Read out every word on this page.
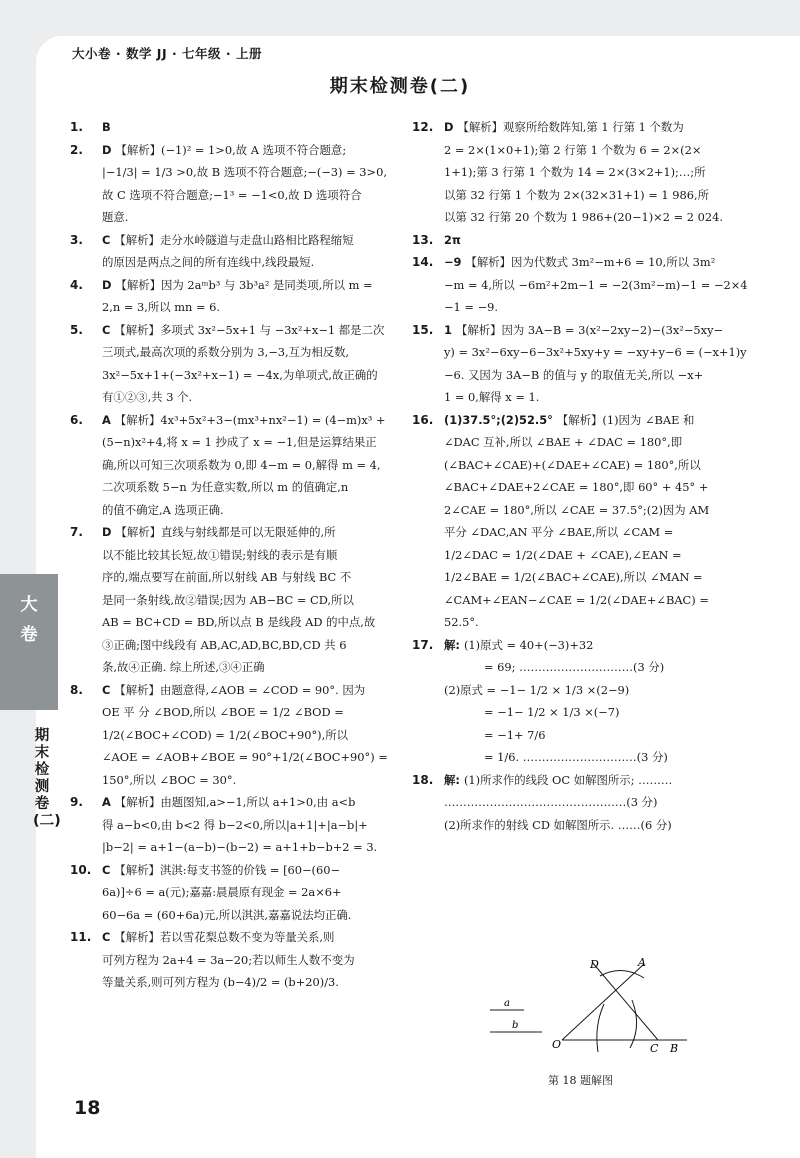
大小卷 · 数学 JJ · 七年级 · 上册
期末检测卷(二)
大
卷
期末检测卷(二)
1. B
2. D 【解析】(−1)² = 1>0,故 A 选项不符合题意;
|−1/3| = 1/3 >0,故 B 选项不符合题意;−(−3) = 3>0,
故 C 选项不符合题意;−1³ = −1<0,故 D 选项符合
题意.
3. C 【解析】走分水岭隧道与走盘山路相比路程缩短
的原因是两点之间的所有连线中,线段最短.
4. D 【解析】因为 2aᵐb³ 与 3b³a² 是同类项,所以 m =
2,n = 3,所以 mn = 6.
5. C 【解析】多项式 3x²−5x+1 与 −3x²+x−1 都是二次
三项式,最高次项的系数分别为 3,−3,互为相反数,
3x²−5x+1+(−3x²+x−1) = −4x,为单项式,故正确的
有①②③,共 3 个.
6. A 【解析】4x³+5x²+3−(mx³+nx²−1) = (4−m)x³ +
(5−n)x²+4,将 x = 1 抄成了 x = −1,但是运算结果正
确,所以可知三次项系数为 0,即 4−m = 0,解得 m = 4,
二次项系数 5−n 为任意实数,所以 m 的值确定,n
的值不确定,A 选项正确.
7. D 【解析】直线与射线都是可以无限延伸的,所
以不能比较其长短,故①错误;射线的表示是有顺
序的,端点要写在前面,所以射线 AB 与射线 BC 不
是同一条射线,故②错误;因为 AB−BC = CD,所以
AB = BC+CD = BD,所以点 B 是线段 AD 的中点,故
③正确;图中线段有 AB,AC,AD,BC,BD,CD 共 6
条,故④正确. 综上所述,③④正确
8. C 【解析】由题意得,∠AOB = ∠COD = 90°. 因为
OE 平 分 ∠BOD,所以 ∠BOE = 1/2 ∠BOD =
1/2(∠BOC+∠COD) = 1/2(∠BOC+90°),所以
∠AOE = ∠AOB+∠BOE = 90°+1/2(∠BOC+90°) =
150°,所以 ∠BOC = 30°.
9. A 【解析】由题图知,a>−1,所以 a+1>0,由 a<b
得 a−b<0,由 b<2 得 b−2<0,所以|a+1|+|a−b|+
|b−2| = a+1−(a−b)−(b−2) = a+1+b−b+2 = 3.
10. C 【解析】淇淇:每支书签的价钱 = [60−(60−
6a)]÷6 = a(元);嘉嘉:晨晨原有现金 = 2a×6+
60−6a = (60+6a)元,所以淇淇,嘉嘉说法均正确.
11. C 【解析】若以雪花梨总数不变为等量关系,则
可列方程为 2a+4 = 3a−20;若以师生人数不变为
等量关系,则可列方程为 (b−4)/2 = (b+20)/3.
12. D 【解析】观察所给数阵知,第 1 行第 1 个数为
2 = 2×(1×0+1);第 2 行第 1 个数为 6 = 2×(2×
1+1);第 3 行第 1 个数为 14 = 2×(3×2+1);…;所
以第 32 行第 1 个数为 2×(32×31+1) = 1 986,所
以第 32 行第 20 个数为 1 986+(20−1)×2 = 2 024.
13. 2π
14. −9 【解析】因为代数式 3m²−m+6 = 10,所以 3m²
−m = 4,所以 −6m²+2m−1 = −2(3m²−m)−1 = −2×4
−1 = −9.
15. 1 【解析】因为 3A−B = 3(x²−2xy−2)−(3x²−5xy−
y) = 3x²−6xy−6−3x²+5xy+y = −xy+y−6 = (−x+1)y
−6. 又因为 3A−B 的值与 y 的取值无关,所以 −x+
1 = 0,解得 x = 1.
16. (1)37.5°;(2)52.5° 【解析】(1)因为 ∠BAE 和
∠DAC 互补,所以 ∠BAE + ∠DAC = 180°,即
(∠BAC+∠CAE)+(∠DAE+∠CAE) = 180°,所以
∠BAC+∠DAE+2∠CAE = 180°,即 60° + 45° +
2∠CAE = 180°,所以 ∠CAE = 37.5°;(2)因为 AM
平分 ∠DAC,AN 平分 ∠BAE,所以 ∠CAM =
1/2∠DAC = 1/2(∠DAE + ∠CAE),∠EAN =
1/2∠BAE = 1/2(∠BAC+∠CAE),所以 ∠MAN =
∠CAM+∠EAN−∠CAE = 1/2(∠DAE+∠BAC) =
52.5°.
17. 解: (1)原式 = 40+(−3)+32
= 69; …………………………(3 分)
(2)原式 = −1− 1/2 × 1/3 ×(2−9)
= −1− 1/2 × 1/3 ×(−7)
= −1+ 7/6
= 1/6. …………………………(3 分)
18. 解: (1)所求作的线段 OC 如解图所示; ………
…………………………………………(3 分)
(2)所求作的射线 CD 如解图所示. ……(6 分)
D	A
a
b
O	C B
第 18 题解图
18
